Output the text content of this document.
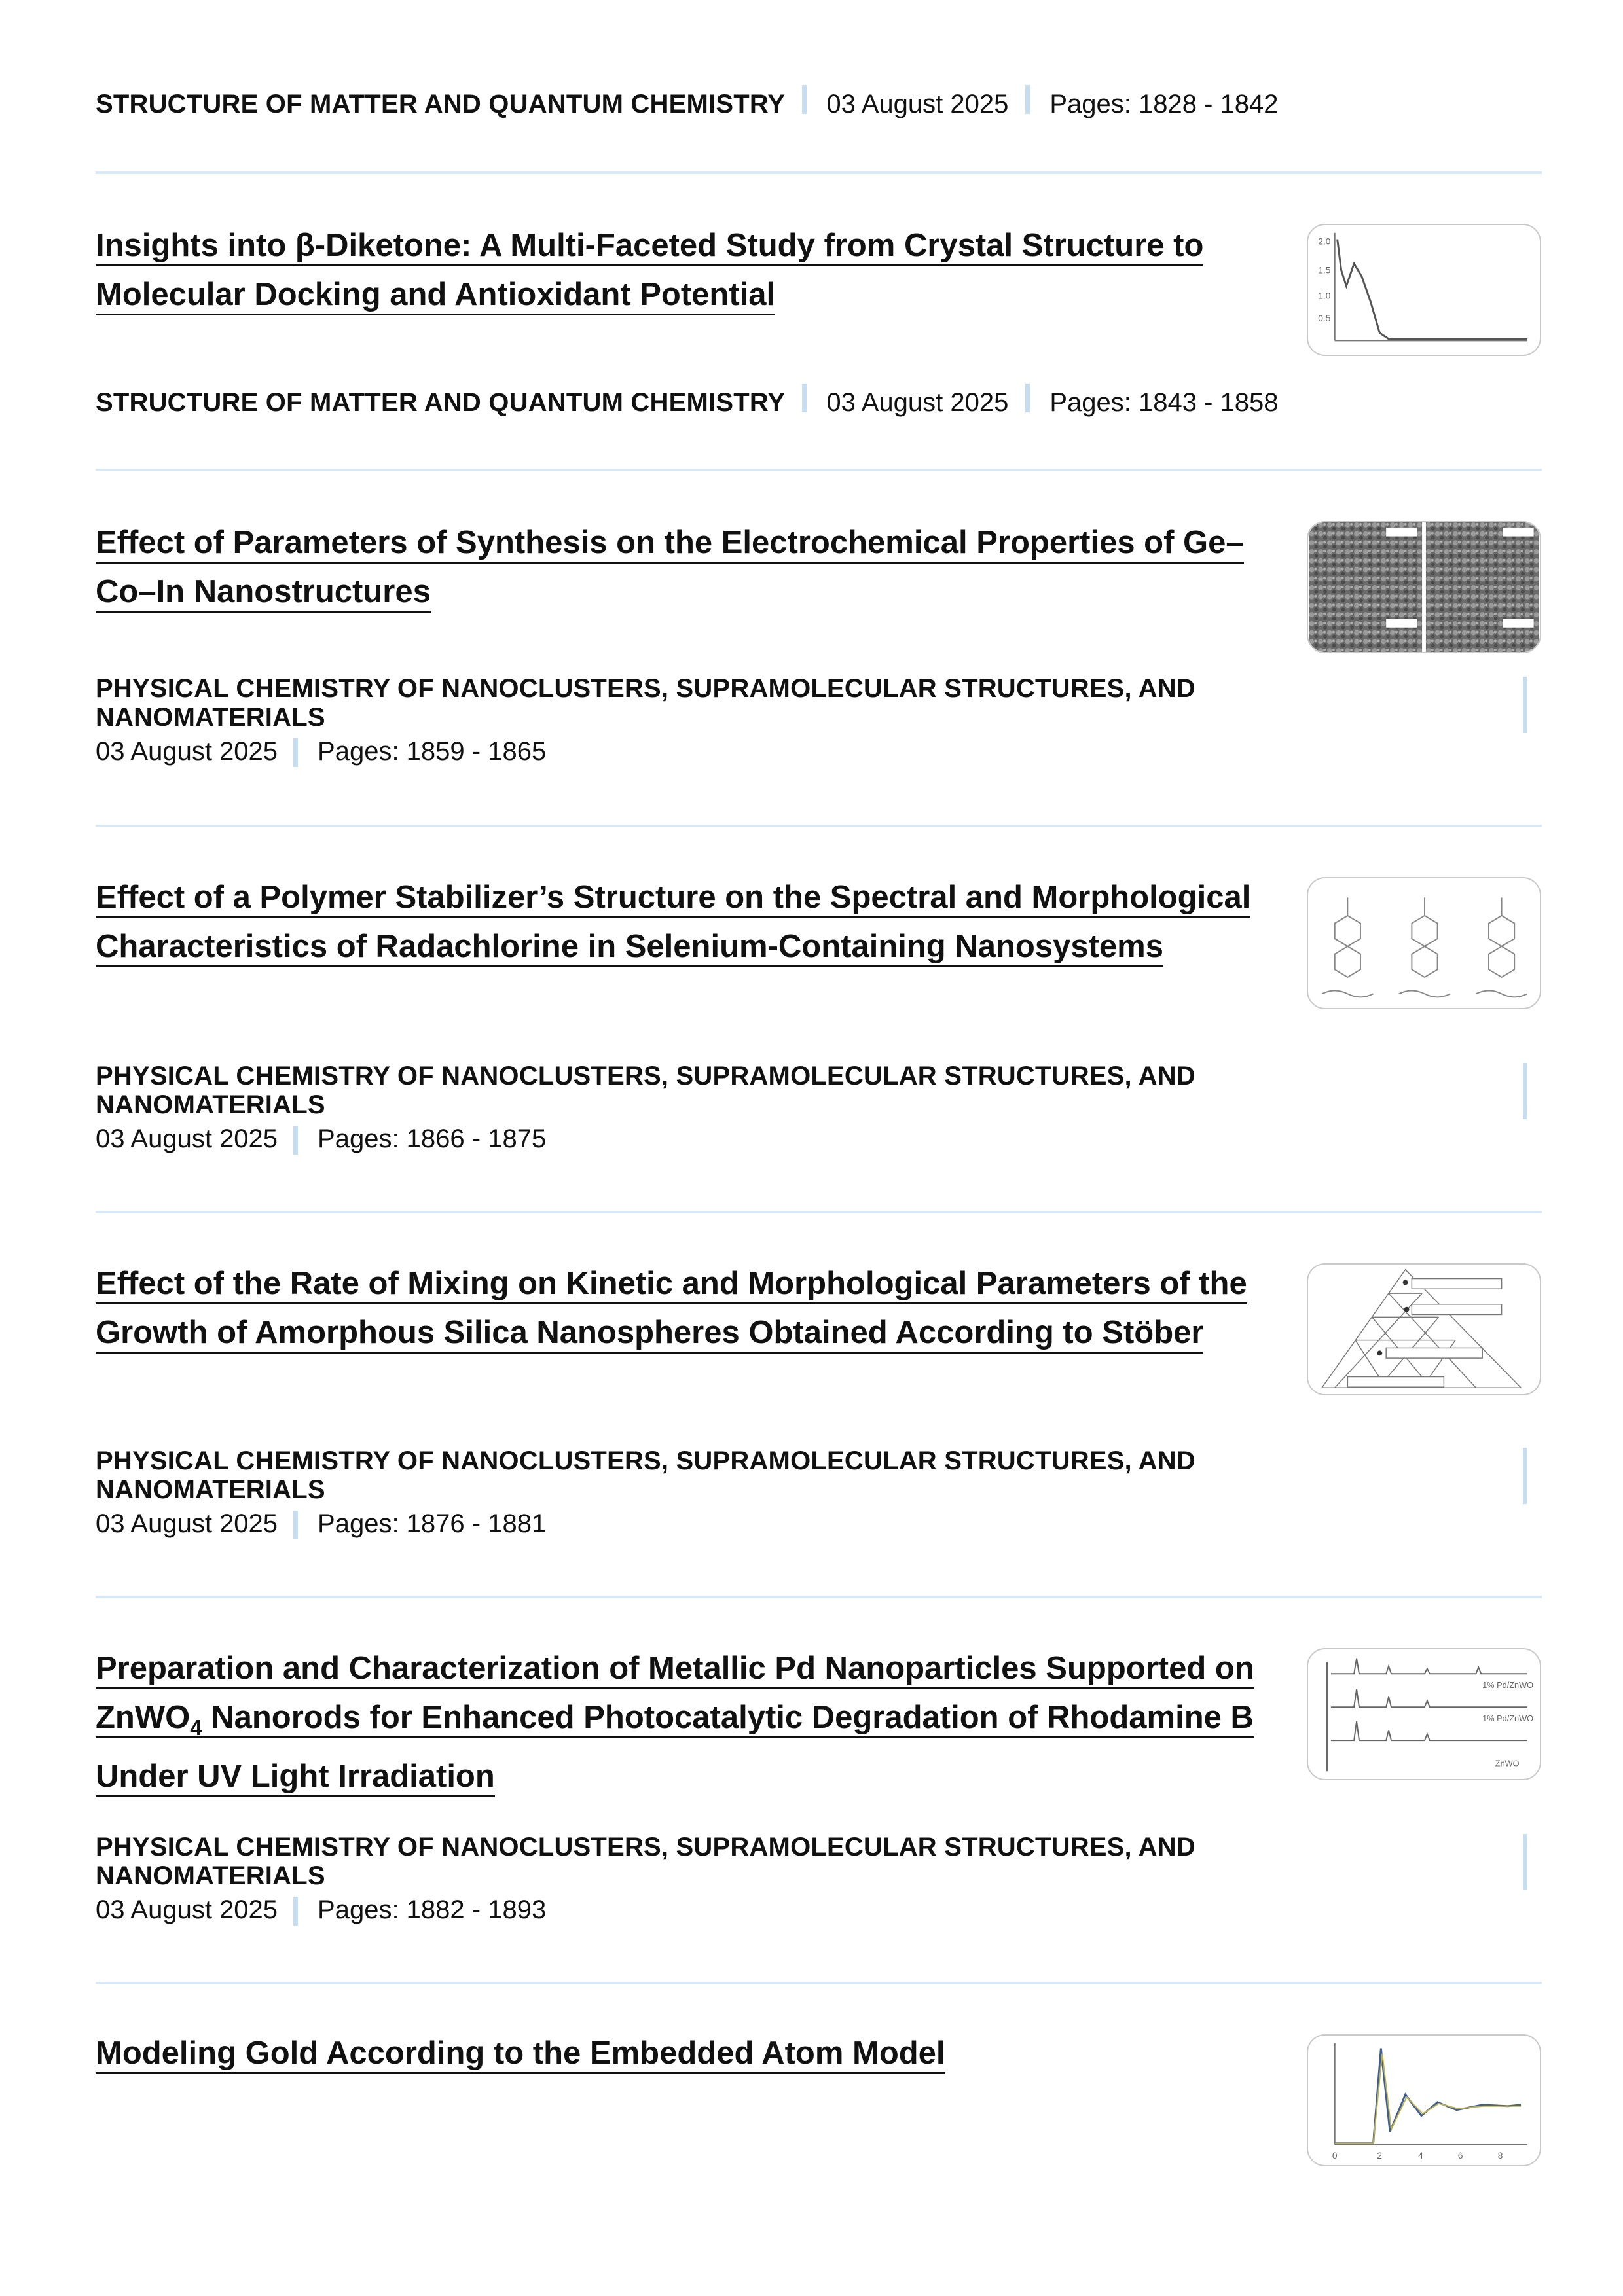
STRUCTURE OF MATTER AND QUANTUM CHEMISTRY 03 August 2025 Pages: 1828 - 1842
Insights into β-Diketone: A Multi-Faceted Study from Crystal Structure to Molecular Docking and Antioxidant Potential
2.0
1.5
1.0
0.5
STRUCTURE OF MATTER AND QUANTUM CHEMISTRY 03 August 2025 Pages: 1843 - 1858
Effect of Parameters of Synthesis on the Electrochemical Properties of Ge–Co–In Nanostructures
PHYSICAL CHEMISTRY OF NANOCLUSTERS, SUPRAMOLECULAR STRUCTURES, AND NANOMATERIALS
03 August 2025 Pages: 1859 - 1865
Effect of a Polymer Stabilizer’s Structure on the Spectral and Morphological Characteristics of Radachlorine in Selenium-Containing Nanosystems
PHYSICAL CHEMISTRY OF NANOCLUSTERS, SUPRAMOLECULAR STRUCTURES, AND NANOMATERIALS
03 August 2025 Pages: 1866 - 1875
Effect of the Rate of Mixing on Kinetic and Morphological Parameters of the Growth of Amorphous Silica Nanospheres Obtained According to Stöber
PHYSICAL CHEMISTRY OF NANOCLUSTERS, SUPRAMOLECULAR STRUCTURES, AND NANOMATERIALS
03 August 2025 Pages: 1876 - 1881
Preparation and Characterization of Metallic Pd Nanoparticles Supported on ZnWO$_4$ Nanorods for Enhanced Photocatalytic Degradation of Rhodamine B Under UV Light Irradiation
1% Pd/ZnWO
1% Pd/ZnWO
ZnWO
PHYSICAL CHEMISTRY OF NANOCLUSTERS, SUPRAMOLECULAR STRUCTURES, AND NANOMATERIALS
03 August 2025 Pages: 1882 - 1893
Modeling Gold According to the Embedded Atom Model
0	2	4	6	8
